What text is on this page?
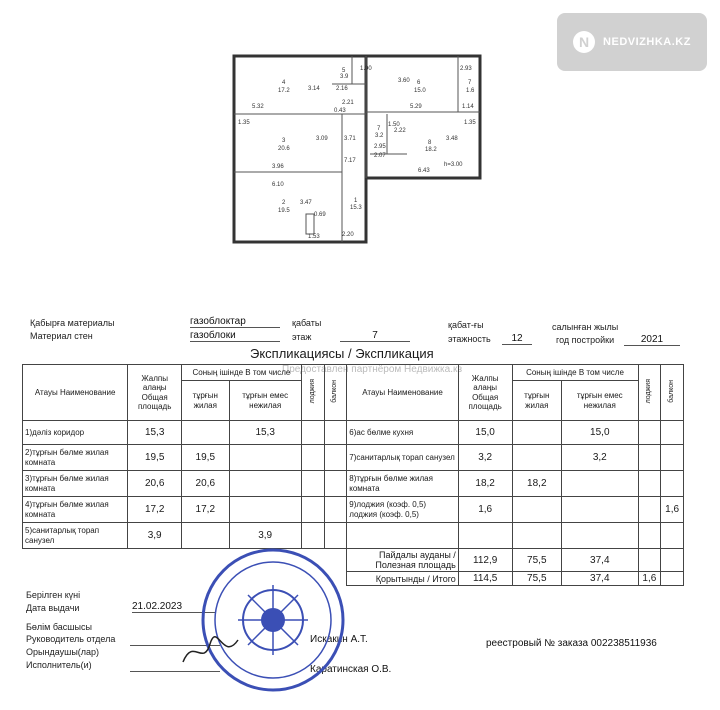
N	NEDVIZHKA.KZ
4
17.2
5
3.9
6
15.0
7
1.6
3
20.6
7
3.2
8
18.2
2
19.5
1
15.3
5.32
3.14	2.16
2.21
3.60
5.29	1.14
2.93
0.43
1.35	1.35
3.71
3.09
7.17
2.07
2.95
2.22
3.48
3.96
6.43
h=3.00
6.10
3.47
0.69
1.53	2.20
1.00
1.50
Қабырға материалы
Материал стен
газоблоктар
газоблоки
қабаты
этаж	7
қабат-ғы
этажность	12
салынған жылы
год постройки	2021
Экспликациясы / Экспликация
Предоставлен партнёром Недвижка.кз
Атауы Наименование	Жалпы алаңы Общая площадь	Соның ішінде В том числе		лоджия	балкон	Атауы Наименование	Жалпы алаңы Общая площадь	Соның ішінде В том числе		лоджия	балкон
		тұрғын жилая	тұрғын емес нежилая					тұрғын жилая	тұрғын емес нежилая		
1)дәліз коридор	15,3		15,3			6)ас бөлме кухня	15,0		15,0		
2)тұрғын бөлме жилая комната	19,5	19,5				7)санитарлық торап санузел	3,2		3,2		
3)тұрғын бөлме жилая комната	20,6	20,6				8)тұрғын бөлме жилая комната	18,2	18,2			
4)тұрғын бөлме жилая комната	17,2	17,2				9)лоджия (коэф. 0,5) лоджия (коэф. 0,5)	1,6				1,6
5)санитарлық торап санузел	3,9		3,9								
						Пайдалы ауданы / Полезная площадь	112,9	75,5	37,4		
						Қорытынды / Итого	114,5	75,5	37,4	1,6	
Берілген күні
Дата выдачи	21.02.2023
Бөлім басшысы
Руководитель отдела	Искакин А.Т.
Орындаушы(лар)
Исполнитель(и)	Каратинская О.В.
реестровый № заказа 002238511936
